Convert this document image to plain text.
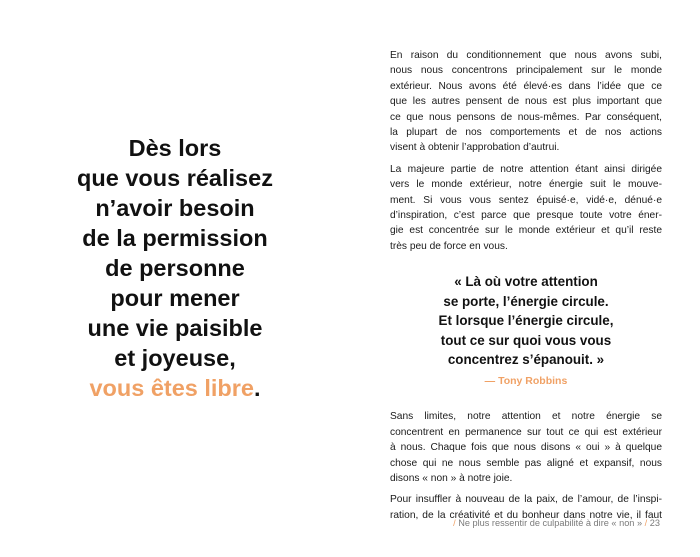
Dès lors
que vous réalisez
n’avoir besoin
de la permission
de personne
pour mener
une vie paisible
et joyeuse,
vous êtes libre.

En raison du conditionnement que nous avons subi,
nous nous concentrons principalement sur le monde
extérieur. Nous avons été élevé·es dans l’idée que ce
que les autres pensent de nous est plus important que
ce que nous pensons de nous-mêmes. Par conséquent,
la plupart de nos comportements et de nos actions
visent à obtenir l’approbation d’autrui.

La majeure partie de notre attention étant ainsi dirigée
vers le monde extérieur, notre énergie suit le mouve-
ment. Si vous vous sentez épuisé·e, vidé·e, dénué·e
d’inspiration, c’est parce que presque toute votre éner-
gie est concentrée sur le monde extérieur et qu’il reste
très peu de force en vous.

« Là où votre attention
se porte, l’énergie circule.
Et lorsque l’énergie circule,
tout ce sur quoi vous vous
concentrez s’épanouit. »
— Tony Robbins

Sans limites, notre attention et notre énergie se
concentrent en permanence sur tout ce qui est extérieur
à nous. Chaque fois que nous disons « oui » à quelque
chose qui ne nous semble pas aligné et expansif, nous
disons « non » à notre joie.

Pour insuffler à nouveau de la paix, de l’amour, de l’inspi-
ration, de la créativité et du bonheur dans notre vie, il faut

/ Ne plus ressentir de culpabilité à dire « non » / 23
